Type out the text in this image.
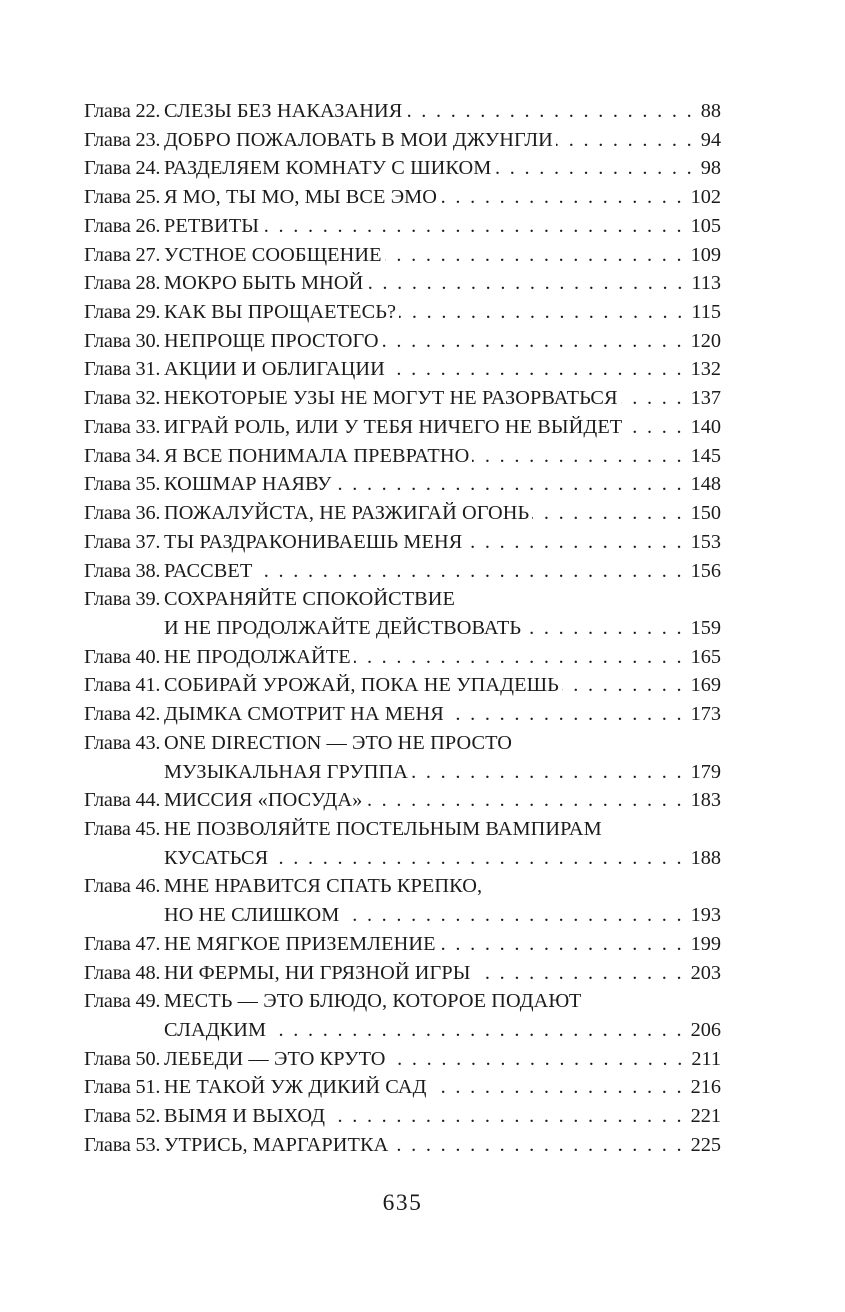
Глава 22. СЛЕЗЫ БЕЗ НАКАЗАНИЯ . . .	88
Глава 23. ДОБРО ПОЖАЛОВАТЬ В МОИ ДЖУНГЛИ . . .	94
Глава 24. РАЗДЕЛЯЕМ КОМНАТУ С ШИКОМ . . .	98
Глава 25. Я МО, ТЫ МО, МЫ ВСЕ ЭМО . . .	102
Глава 26. РЕТВИТЫ . . .	105
Глава 27. УСТНОЕ СООБЩЕНИЕ . . .	109
Глава 28. МОКРО БЫТЬ МНОЙ . . .	113
Глава 29. КАК ВЫ ПРОЩАЕТЕСЬ? . . .	115
Глава 30. НЕПРОЩЕ ПРОСТОГО . . .	120
Глава 31. АКЦИИ И ОБЛИГАЦИИ . . .	132
Глава 32. НЕКОТОРЫЕ УЗЫ НЕ МОГУТ НЕ РАЗОРВАТЬСЯ . . .	137
Глава 33. ИГРАЙ РОЛЬ, ИЛИ У ТЕБЯ НИЧЕГО НЕ ВЫЙДЕТ . . .	140
Глава 34. Я ВСЕ ПОНИМАЛА ПРЕВРАТНО . . .	145
Глава 35. КОШМАР НАЯВУ . . .	148
Глава 36. ПОЖАЛУЙСТА, НЕ РАЗЖИГАЙ ОГОНЬ . . .	150
Глава 37. ТЫ РАЗДРАКОНИВАЕШЬ МЕНЯ . . .	153
Глава 38. РАССВЕТ . . .	156
Глава 39. СОХРАНЯЙТЕ СПОКОЙСТВИЕ
И НЕ ПРОДОЛЖАЙТЕ ДЕЙСТВОВАТЬ . . .	159
Глава 40. НЕ ПРОДОЛЖАЙТЕ . . .	165
Глава 41. СОБИРАЙ УРОЖАЙ, ПОКА НЕ УПАДЕШЬ . . .	169
Глава 42. ДЫМКА СМОТРИТ НА МЕНЯ . . .	173
Глава 43. ONE DIRECTION — ЭТО НЕ ПРОСТО
МУЗЫКАЛЬНАЯ ГРУППА . . .	179
Глава 44. МИССИЯ «ПОСУДА» . . .	183
Глава 45. НЕ ПОЗВОЛЯЙТЕ ПОСТЕЛЬНЫМ ВАМПИРАМ
КУСАТЬСЯ . . .	188
Глава 46. МНЕ НРАВИТСЯ СПАТЬ КРЕПКО,
НО НЕ СЛИШКОМ . . .	193
Глава 47. НЕ МЯГКОЕ ПРИЗЕМЛЕНИЕ . . .	199
Глава 48. НИ ФЕРМЫ, НИ ГРЯЗНОЙ ИГРЫ . . .	203
Глава 49. МЕСТЬ — ЭТО БЛЮДО, КОТОРОЕ ПОДАЮТ
СЛАДКИМ . . .	206
Глава 50. ЛЕБЕДИ — ЭТО КРУТО . . .	211
Глава 51. НЕ ТАКОЙ УЖ ДИКИЙ САД . . .	216
Глава 52. ВЫМЯ И ВЫХОД . . .	221
Глава 53. УТРИСЬ, МАРГАРИТКА . . .	225
635
